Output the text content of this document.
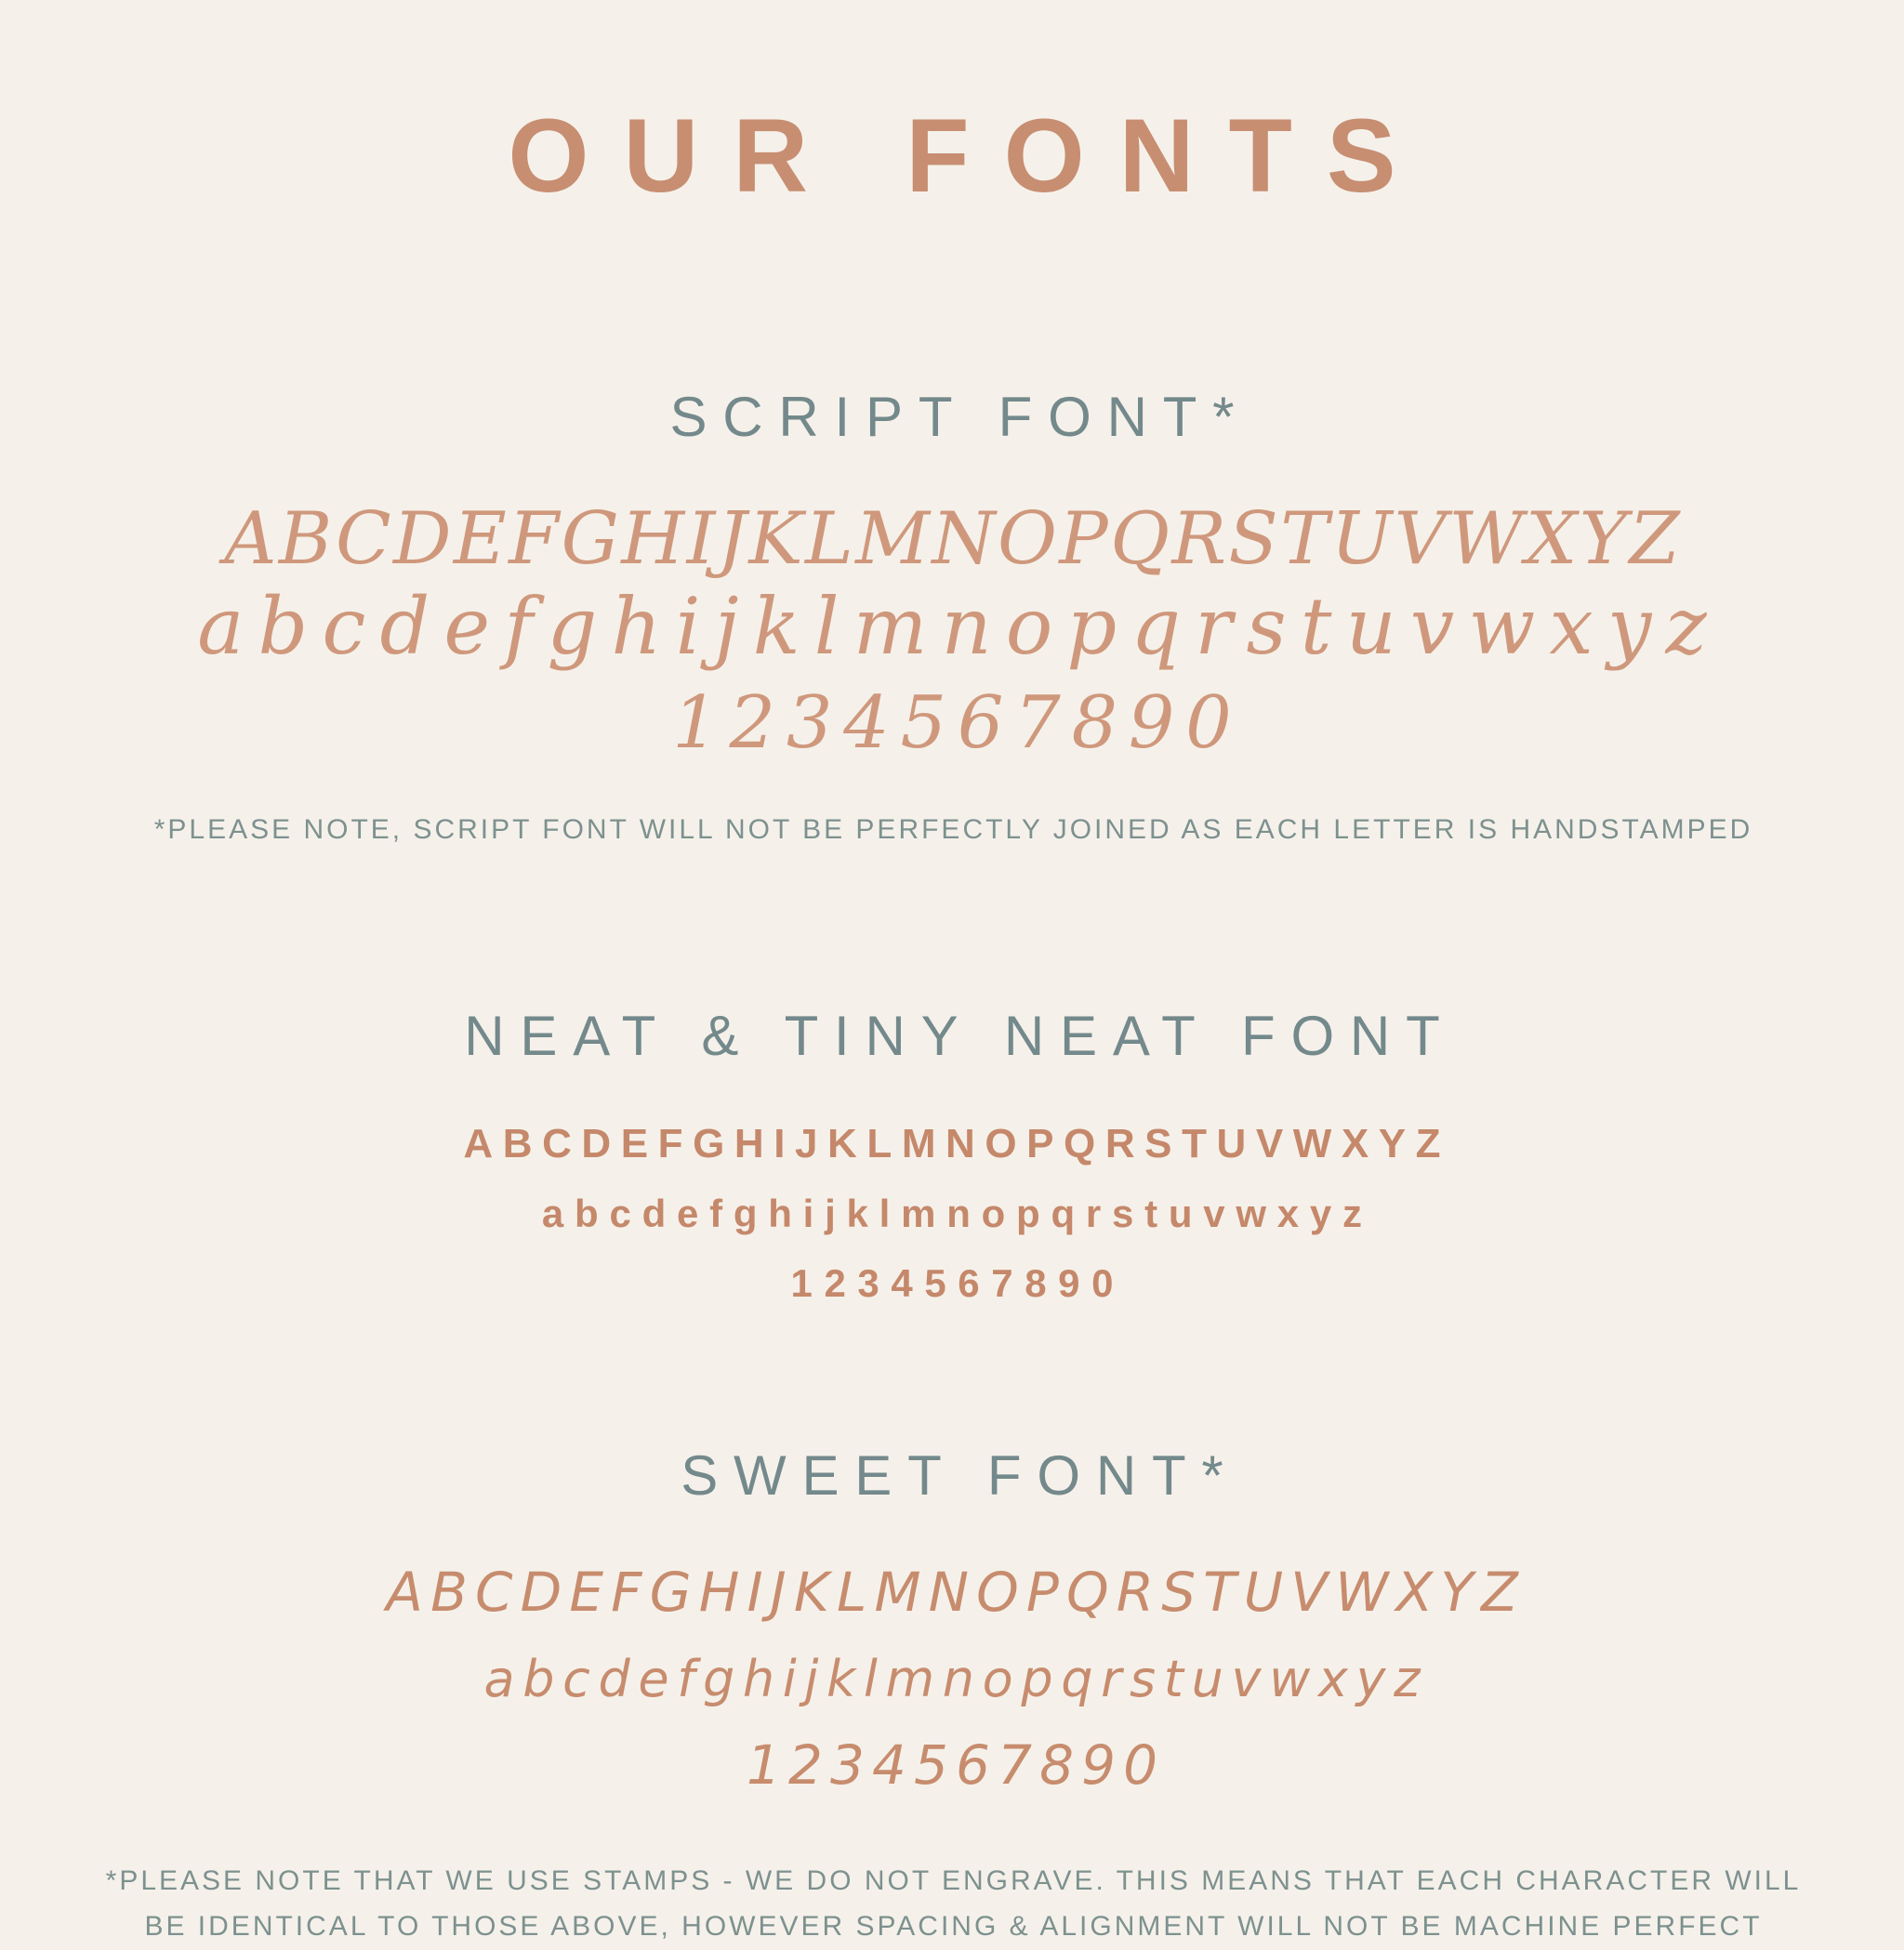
OUR FONTS
SCRIPT FONT*
ABCDEFGHIJKLMNOPQRSTUVWXYZ
abcdefghijklmnopqrstuvwxyz
1234567890

*PLEASE NOTE, SCRIPT FONT WILL NOT BE PERFECTLY JOINED AS EACH LETTER IS HANDSTAMPED

NEAT & TINY NEAT FONT
ABCDEFGHIJKLMNOPQRSTUVWXYZ
abcdefghijklmnopqrstuvwxyz
1234567890
SWEET FONT*
ABCDEFGHIJKLMNOPQRSTUVWXYZ
abcdefghijklmnopqrstuvwxyz
1234567890

*PLEASE NOTE THAT WE USE STAMPS - WE DO NOT ENGRAVE. THIS MEANS THAT EACH CHARACTER WILL BE IDENTICAL TO THOSE ABOVE, HOWEVER SPACING & ALIGNMENT WILL NOT BE MACHINE PERFECT
